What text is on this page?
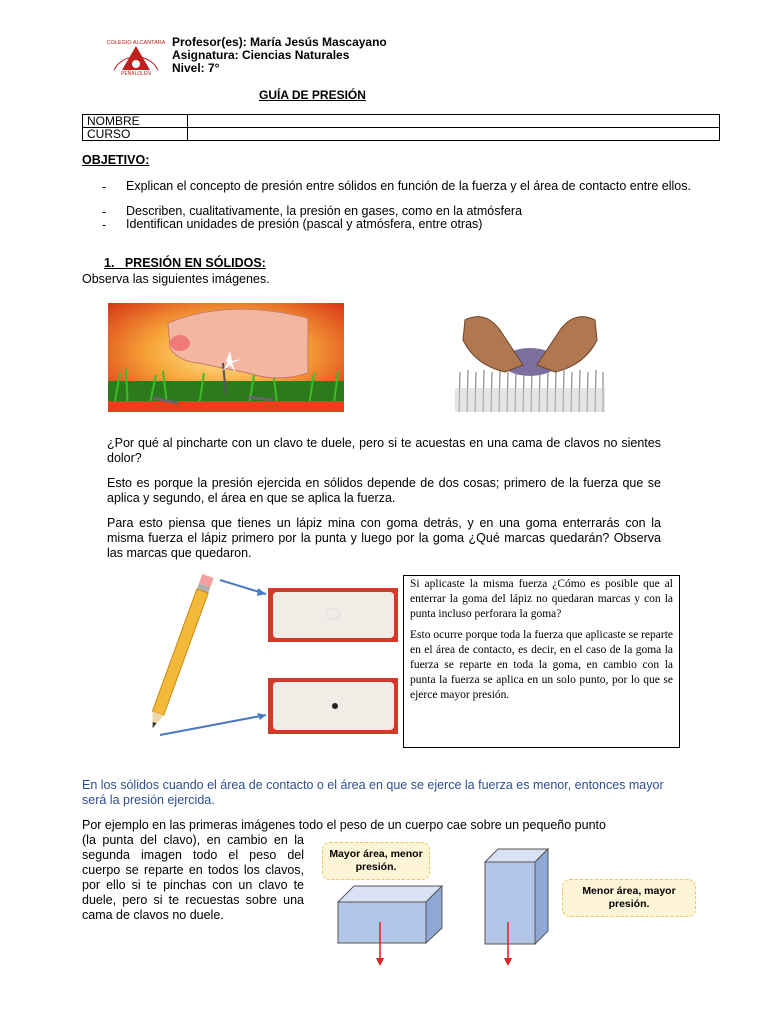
COLEGIO ALCANTARA
PEÑALOLEN
Profesor(es): María Jesús Mascayano
Asignatura: Ciencias Naturales
Nivel: 7°
GUÍA DE PRESIÓN
NOMBRE	
CURSO	
OBJETIVO:
- Explican el concepto de presión entre sólidos en función de la fuerza y el área de contacto entre ellos.
- Describen, cualitativamente, la presión en gases, como en la atmósfera
- Identifican unidades de presión (pascal y atmósfera, entre otras)
1.   PRESIÓN EN SÓLIDOS:
Observa las siguientes imágenes.
¿Por qué al pincharte con un clavo te duele, pero si te acuestas en una cama de clavos no sientes dolor?
Esto es porque la presión ejercida en sólidos depende de dos cosas; primero de la fuerza que se aplica y segundo, el área en que se aplica la fuerza.
Para esto piensa que tienes un lápiz mina con goma detrás, y en una goma enterrarás con la misma fuerza el lápiz primero por la punta y luego por la goma ¿Qué marcas quedarán? Observa las marcas que quedaron.
Si aplicaste la misma fuerza ¿Cómo es posible que al enterrar la goma del lápiz no quedaran marcas y con la punta incluso perforara la goma?
Esto ocurre porque toda la fuerza que aplicaste se reparte en el área de contacto, es decir, en el caso de la goma la fuerza se reparte en toda la goma, en cambio con la punta la fuerza se aplica en un solo punto, por lo que se ejerce mayor presión.
En los sólidos cuando el área de contacto o el área en que se ejerce la fuerza es menor, entonces mayor será la presión ejercida.
Por ejemplo en las primeras imágenes todo el peso de un cuerpo cae sobre un pequeño punto
(la punta del clavo), en cambio en la segunda imagen todo el peso del cuerpo se reparte en todos los clavos, por ello si te pinchas con un clavo te duele, pero si te recuestas sobre una cama de clavos no duele.
Mayor área, menor presión.
Menor área, mayor presión.
